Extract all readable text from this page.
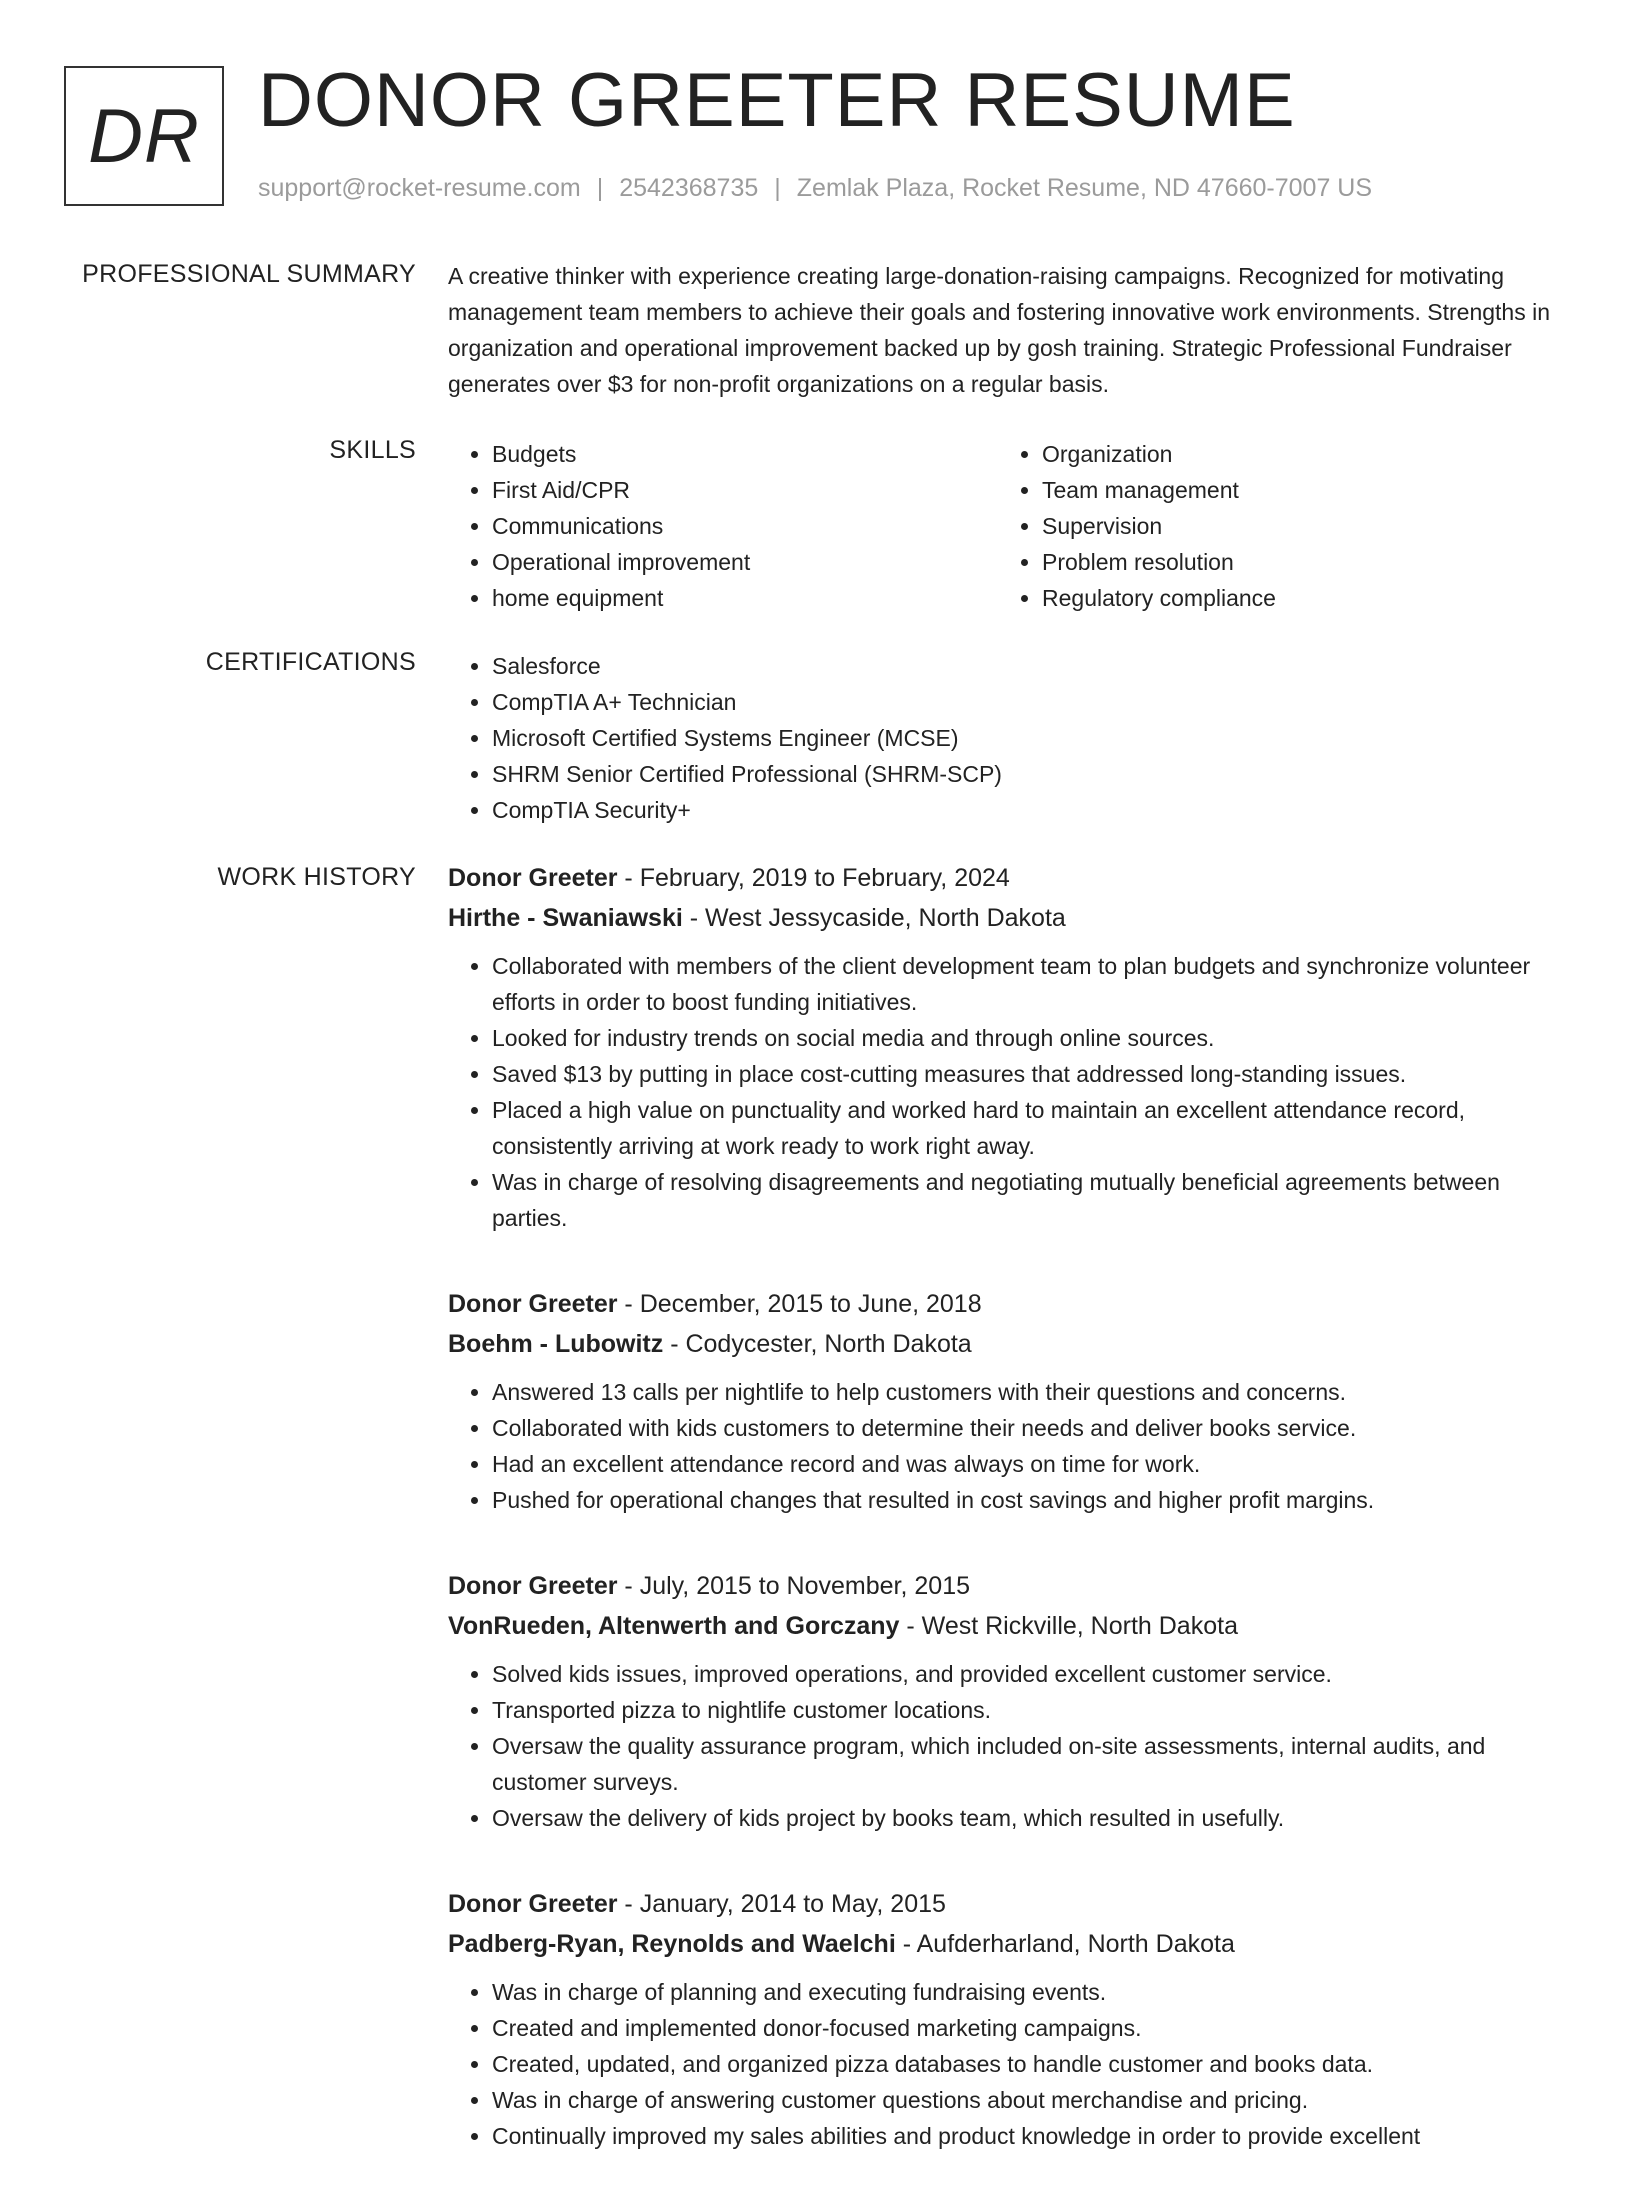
DR DONOR GREETER RESUME
support@rocket-resume.com | 2542368735 | Zemlak Plaza, Rocket Resume, ND 47660-7007 US
PROFESSIONAL SUMMARY A creative thinker with experience creating large-donation-raising campaigns. Recognized for motivating management team members to achieve their goals and fostering innovative work environments. Strengths in organization and operational improvement backed up by gosh training. Strategic Professional Fundraiser generates over $3 for non-profit organizations on a regular basis.

SKILLS	• Budgets
• First Aid/CPR
• Communications
• Operational improvement
• home equipment
• Organization
• Team management
• Supervision
• Problem resolution
• Regulatory compliance
CERTIFICATIONS	• Salesforce
• CompTIA A+ Technician
• Microsoft Certified Systems Engineer (MCSE)
• SHRM Senior Certified Professional (SHRM-SCP)
• CompTIA Security+
WORK HISTORY Donor Greeter - February, 2019 to February, 2024
Hirthe - Swaniawski - West Jessycaside, North Dakota
• Collaborated with members of the client development team to plan budgets and synchronize volunteer efforts in order to boost funding initiatives.
• Looked for industry trends on social media and through online sources.
• Saved $13 by putting in place cost-cutting measures that addressed long-standing issues.
• Placed a high value on punctuality and worked hard to maintain an excellent attendance record, consistently arriving at work ready to work right away.
• Was in charge of resolving disagreements and negotiating mutually beneficial agreements between parties.
Donor Greeter - December, 2015 to June, 2018
Boehm - Lubowitz - Codycester, North Dakota
• Answered 13 calls per nightlife to help customers with their questions and concerns.
• Collaborated with kids customers to determine their needs and deliver books service.
• Had an excellent attendance record and was always on time for work.
• Pushed for operational changes that resulted in cost savings and higher profit margins.
Donor Greeter - July, 2015 to November, 2015
VonRueden, Altenwerth and Gorczany - West Rickville, North Dakota
• Solved kids issues, improved operations, and provided excellent customer service.
• Transported pizza to nightlife customer locations.
• Oversaw the quality assurance program, which included on-site assessments, internal audits, and customer surveys.
• Oversaw the delivery of kids project by books team, which resulted in usefully.
Donor Greeter - January, 2014 to May, 2015
Padberg-Ryan, Reynolds and Waelchi - Aufderharland, North Dakota
• Was in charge of planning and executing fundraising events.
• Created and implemented donor-focused marketing campaigns.
• Created, updated, and organized pizza databases to handle customer and books data.
• Was in charge of answering customer questions about merchandise and pricing.
• Continually improved my sales abilities and product knowledge in order to provide excellent
